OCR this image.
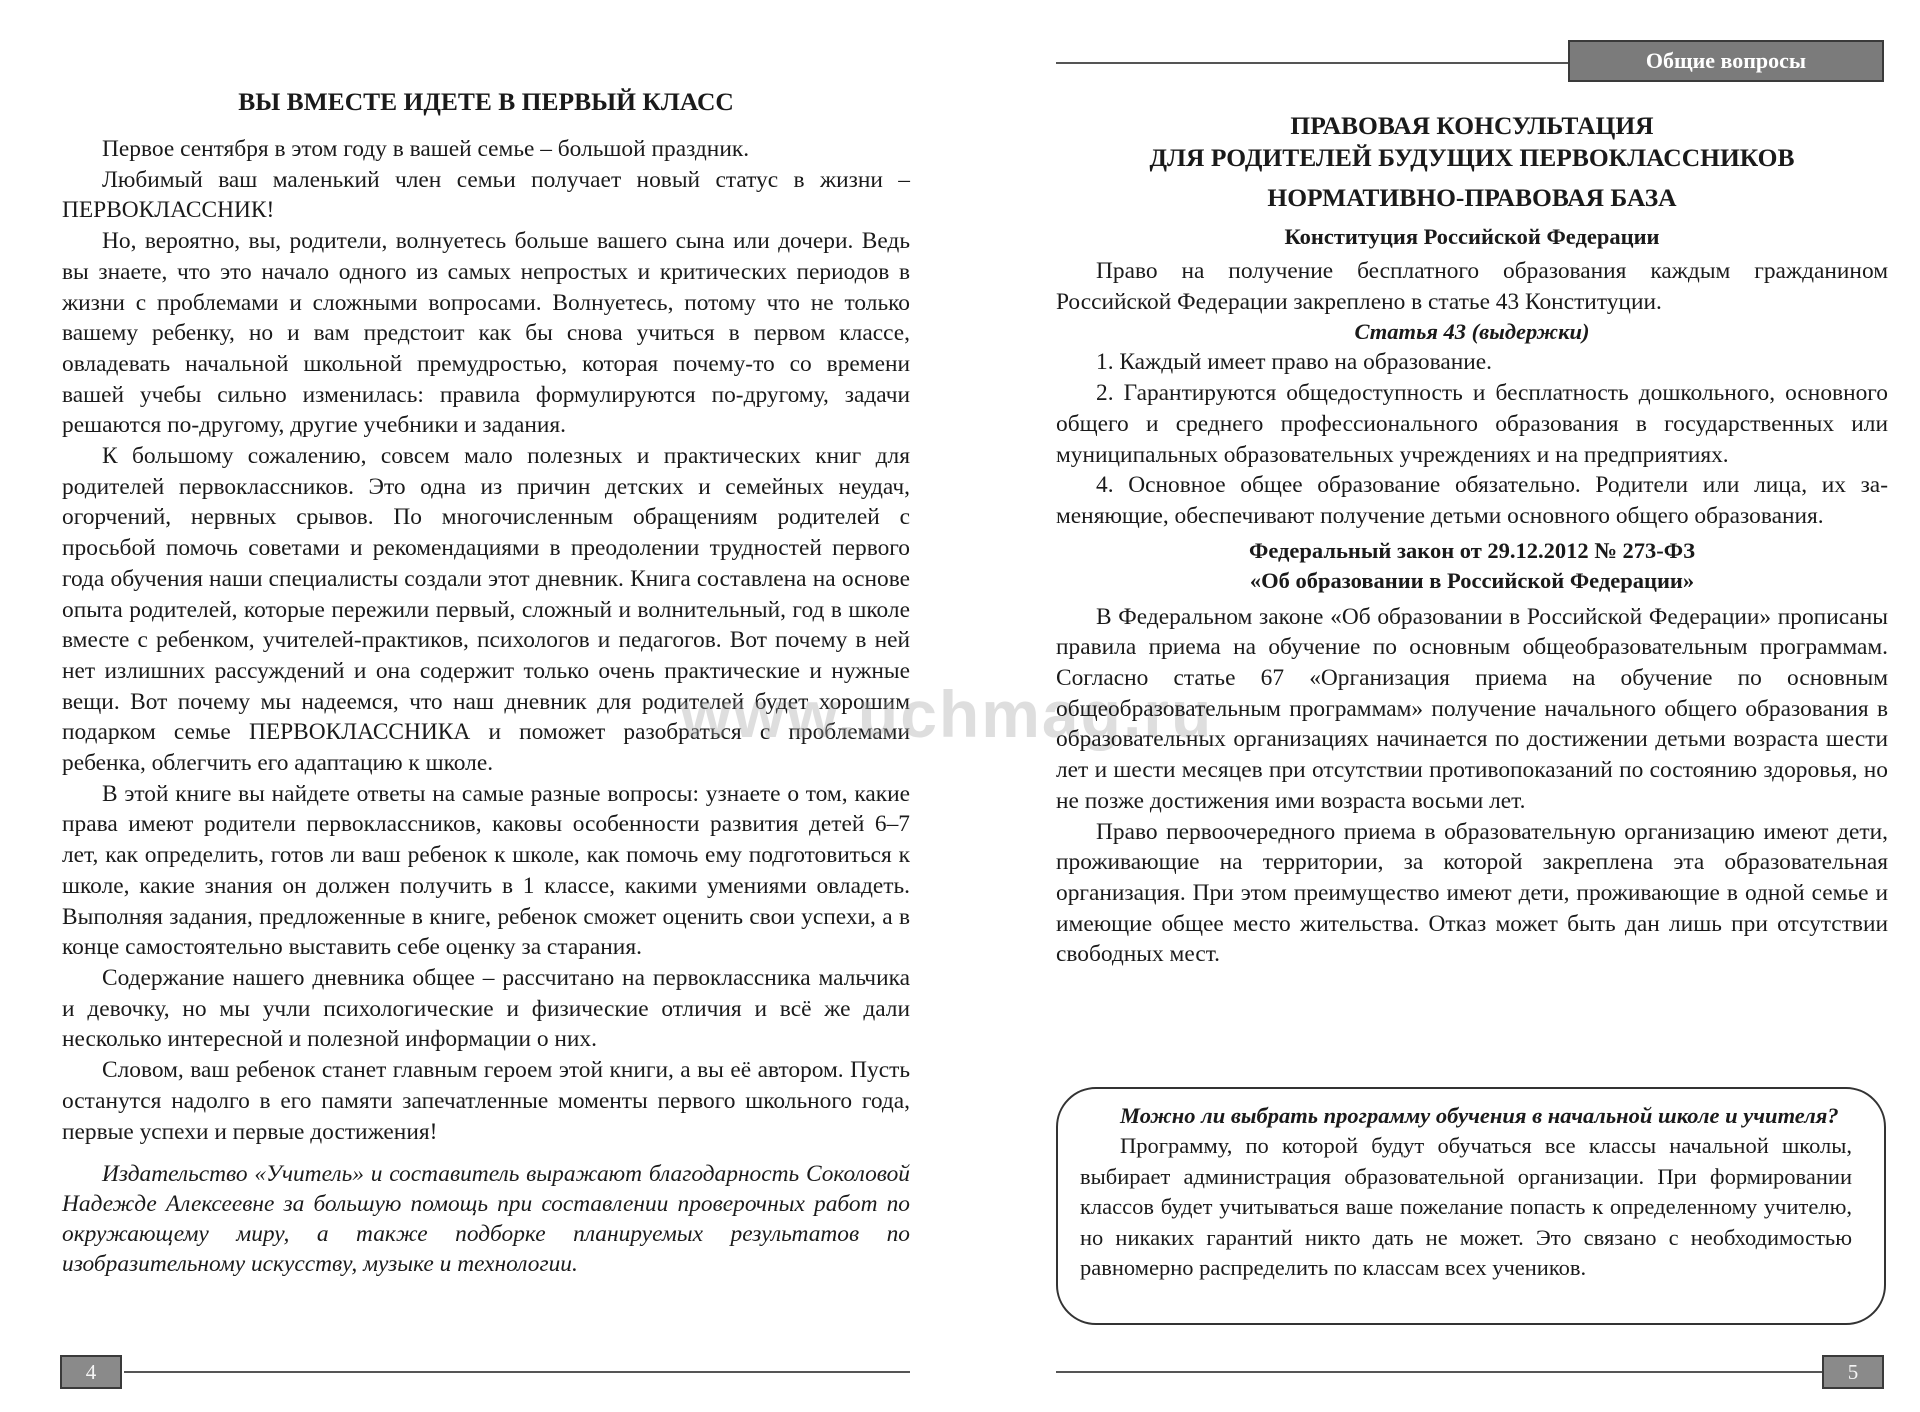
ВЫ ВМЕСТЕ ИДЕТЕ В ПЕРВЫЙ КЛАСС

Первое сентября в этом году в вашей семье – большой праздник.

Любимый ваш маленький член семьи получает новый статус в жизни – ПЕРВОКЛАССНИК!

Но, вероятно, вы, родители, волнуетесь больше вашего сына или дочери. Ведь вы знаете, что это начало одного из самых непростых и критических периодов в жизни с проблемами и сложными вопросами. Волнуетесь, потому что не только вашему ребенку, но и вам предстоит как бы снова учиться в первом классе, овладевать начальной школьной премудростью, которая почему-то со времени вашей учебы сильно изменилась: правила формулируются по-другому, задачи решаются по-другому, другие учебники и задания.

К большому сожалению, совсем мало полезных и практических книг для родителей первоклассников. Это одна из причин детских и семейных неудач, огорчений, нервных срывов. По многочисленным обращениям родителей с просьбой помочь советами и рекомендациями в преодолении трудностей первого года обучения наши специалисты создали этот дневник. Книга составлена на основе опыта родителей, которые пережили первый, сложный и волнительный, год в школе вместе с ребенком, учителей-практиков, психологов и педагогов. Вот почему в ней нет излишних рассуждений и она содержит только очень практические и нужные вещи. Вот почему мы надеемся, что наш дневник для родителей будет хорошим подарком семье ПЕРВОКЛАССНИКА и поможет разобраться с проблемами ребенка, облегчить его адаптацию к школе.

В этой книге вы найдете ответы на самые разные вопросы: узнаете о том, какие права имеют родители первоклассников, каковы особенности развития детей 6–7 лет, как определить, готов ли ваш ребенок к школе, как помочь ему подготовиться к школе, какие знания он должен получить в 1 классе, какими умениями овладеть. Выполняя задания, предложенные в книге, ребенок сможет оценить свои успехи, а в конце самостоятельно выставить себе оценку за старания.

Содержание нашего дневника общее – рассчитано на первоклассника мальчика и девочку, но мы учли психологические и физические отличия и всё же дали несколько интересной и полезной информации о них.

Словом, ваш ребенок станет главным героем этой книги, а вы её автором. Пусть останутся надолго в его памяти запечатленные моменты первого школьного года, первые успехи и первые достижения!

Издательство «Учитель» и составитель выражают благодарность Соколовой Надежде Алексеевне за большую помощь при составлении проверочных работ по окружающему миру, а также подборке планируемых результатов по изобразительному искусству, музыке и технологии.

www.uchmag.ru
4
Общие вопросы
ПРАВОВАЯ КОНСУЛЬТАЦИЯ
ДЛЯ РОДИТЕЛЕЙ БУДУЩИХ ПЕРВОКЛАССНИКОВ
НОРМАТИВНО-ПРАВОВАЯ БАЗА
Конституция Российской Федерации

Право на получение бесплатного образования каждым гражданином Российской Федерации закреплено в статье 43 Конституции.

Статья 43 (выдержки)

1. Каждый имеет право на образование.

2. Гарантируются общедоступность и бесплатность дошкольного, основного общего и среднего профессионального образования в государственных или муниципальных образовательных учреждениях и на предприятиях.

4. Основное общее образование обязательно. Родители или лица, их заменяющие, обеспечивают получение детьми основного общего образования.

Федеральный закон от 29.12.2012 № 273-ФЗ
«Об образовании в Российской Федерации»

В Федеральном законе «Об образовании в Российской Федерации» прописаны правила приема на обучение по основным общеобразовательным программам. Согласно статье 67 «Организация приема на обучение по основным общеобразовательным программам» получение начального общего образования в образовательных организациях начинается по достижении детьми возраста шести лет и шести месяцев при отсутствии противопоказаний по состоянию здоровья, но не позже достижения ими возраста восьми лет.

Право первоочередного приема в образовательную организацию имеют дети, проживающие на территории, за которой закреплена эта образовательная организация. При этом преимущество имеют дети, проживающие в одной семье и имеющие общее место жительства. Отказ может быть дан лишь при отсутствии свободных мест.

Можно ли выбрать программу обучения в начальной школе и учителя?

Программу, по которой будут обучаться все классы начальной школы, выбирает администрация образовательной организации. При формировании классов будет учитываться ваше пожелание попасть к определенному учителю, но никаких гарантий никто дать не может. Это связано с необходимостью равномерно распределить по классам всех учеников.

5
